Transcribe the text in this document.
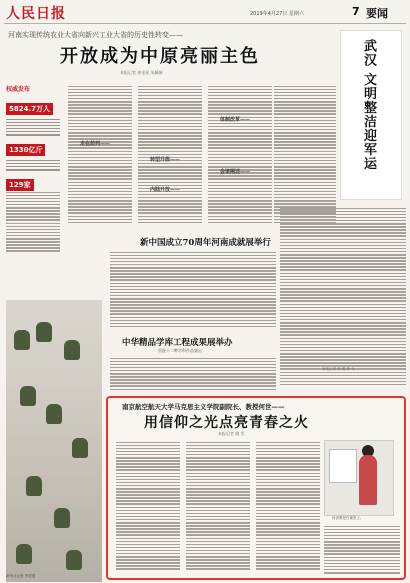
人民日报	2019年4月27日 星期六	7 要闻
河南实现传统农业大省向新兴工业大省的历史性转变——
开放成为中原亮丽主色
本报记者 龚金星 朱佩娴
权威发布
5824.7万人
1330亿斤
129家
走在前列——
转型升级——
内陆开放——
体制改革——
会谈阐述——
武汉 文明整洁迎军运
新中国成立70周年河南成就展举行
中华精品学库工程成果展举办
首批十二种学科作品集出
本报记者 聂 俊 薛 飞
新华社记者 李贺摄
南京航空航天大学马克思主义学院副院长、教授何世——
用信仰之光点亮青春之火
本报记者 姚 雪
何世教授在课堂上。
